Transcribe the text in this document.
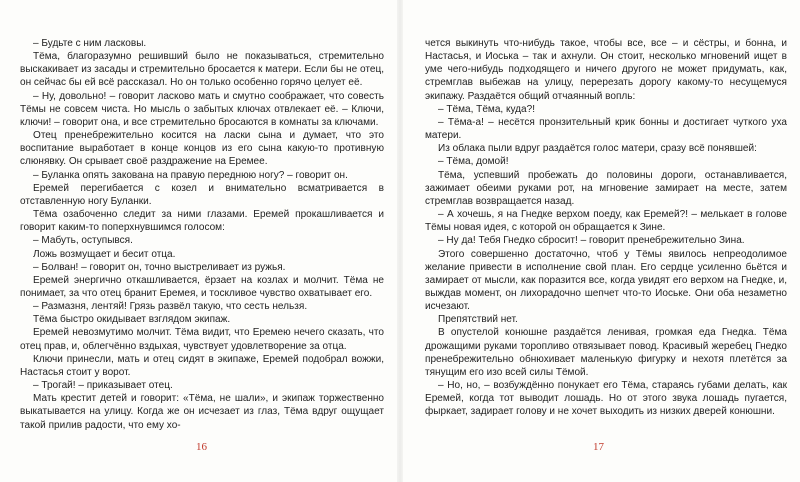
– Будьте с ним ласковы.

Тёма, благоразумно решивший было не показываться, стремительно выскакивает из засады и стремительно бросается к матери. Если бы не отец, он сейчас бы ей всё рассказал. Но он только особенно горячо целует её.

– Ну, довольно! – говорит ласково мать и смутно соображает, что совесть Тёмы не совсем чиста. Но мысль о забытых ключах отвлекает её. – Ключи, ключи! – говорит она, и все стремительно бросаются в комнаты за ключами.

Отец пренебрежительно косится на ласки сына и думает, что это воспитание выработает в конце концов из его сына какую-то противную слюнявку. Он срывает своё раздражение на Еремее.

– Буланка опять закована на правую переднюю ногу? – говорит он.

Еремей перегибается с козел и внимательно всматривается в отставленную ногу Буланки.

Тёма озабоченно следит за ними глазами. Еремей прокашливается и говорит каким-то поперхнувшимся голосом:

– Мабуть, оступывся.

Ложь возмущает и бесит отца.

– Болван! – говорит он, точно выстреливает из ружья.

Еремей энергично откашливается, ёрзает на козлах и молчит. Тёма не понимает, за что отец бранит Еремея, и тоскливое чувство охватывает его.

– Размазня, лентяй! Грязь развёл такую, что сесть нельзя.

Тёма быстро окидывает взглядом экипаж.

Еремей невозмутимо молчит. Тёма видит, что Еремею нечего сказать, что отец прав, и, облегчённо вздыхая, чувствует удовлетворение за отца.

Ключи принесли, мать и отец сидят в экипаже, Еремей подобрал вожжи, Настасья стоит у ворот.

– Трогай! – приказывает отец.

Мать крестит детей и говорит: «Тёма, не шали», и экипаж торжественно выкатывается на улицу. Когда же он исчезает из глаз, Тёма вдруг ощущает такой прилив радости, что ему хо-

16

чется выкинуть что-нибудь такое, чтобы все, все – и сёстры, и бонна, и Настасья, и Иоська – так и ахнули. Он стоит, несколько мгновений ищет в уме чего-нибудь подходящего и ничего другого не может придумать, как, стремглав выбежав на улицу, перерезать дорогу какому-то несущемуся экипажу. Раздаётся общий отчаянный вопль:

– Тёма, Тёма, куда?!

– Тёма-а! – несётся пронзительный крик бонны и достигает чуткого уха матери.

Из облака пыли вдруг раздаётся голос матери, сразу всё понявшей:

– Тёма, домой!

Тёма, успевший пробежать до половины дороги, останавливается, зажимает обеими руками рот, на мгновение замирает на месте, затем стремглав возвращается назад.

– А хочешь, я на Гнедке верхом поеду, как Еремей?! – мелькает в голове Тёмы новая идея, с которой он обращается к Зине.

– Ну да! Тебя Гнедко сбросит! – говорит пренебрежительно Зина.

Этого совершенно достаточно, чтоб у Тёмы явилось непреодолимое желание привести в исполнение свой план. Его сердце усиленно бьётся и замирает от мысли, как поразится все, когда увидят его верхом на Гнедке, и, выждав момент, он лихорадочно шепчет что-то Иоське. Они оба незаметно исчезают.

Препятствий нет.

В опустелой конюшне раздаётся ленивая, громкая еда Гнедка. Тёма дрожащими руками торопливо отвязывает повод. Красивый жеребец Гнедко пренебрежительно обнюхивает маленькую фигурку и нехотя плетётся за тянущим его изо всей силы Тёмой.

– Но, но, – возбуждённо понукает его Тёма, стараясь губами делать, как Еремей, когда тот выводит лошадь. Но от этого звука лошадь пугается, фыркает, задирает голову и не хочет выходить из низких дверей конюшни.

17
